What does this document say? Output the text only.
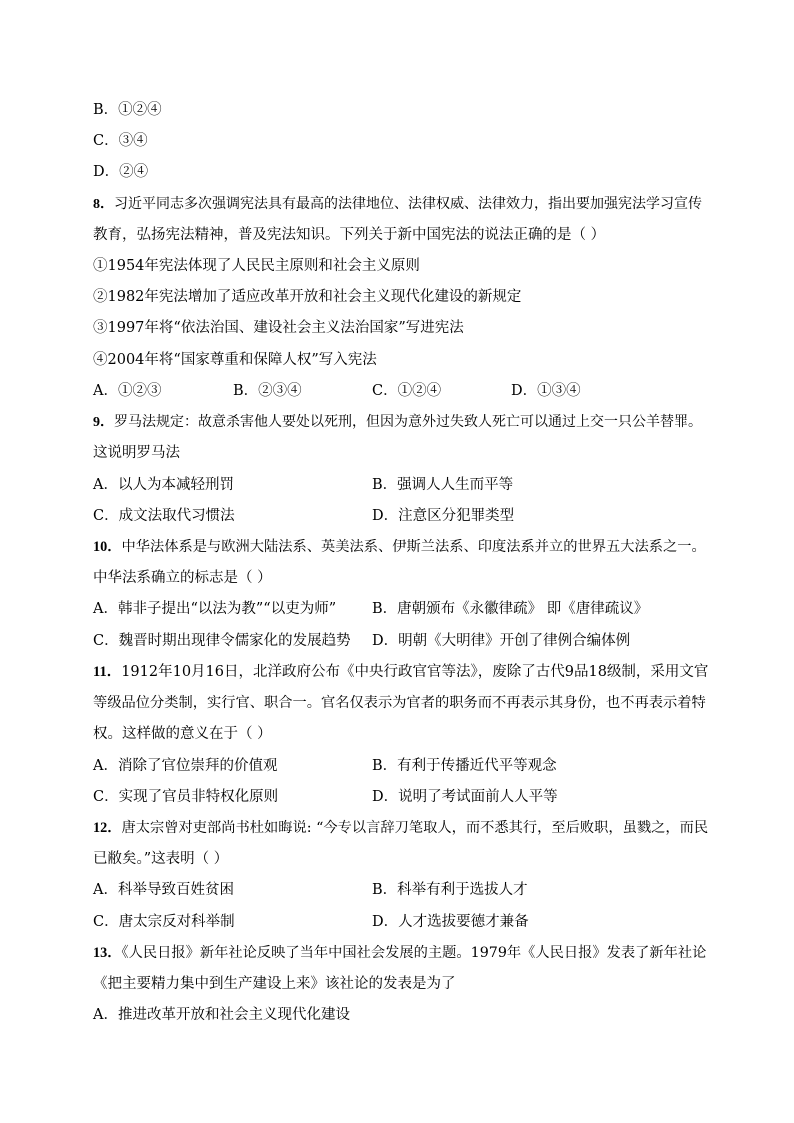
B．①②④
C．③④
D．②④
8．习近平同志多次强调宪法具有最高的法律地位、法律权威、法律效力，指出要加强宪法学习宣传
教育，弘扬宪法精神，普及宪法知识。下列关于新中国宪法的说法正确的是（ ）
①1954年宪法体现了人民民主原则和社会主义原则
②1982年宪法增加了适应改革开放和社会主义现代化建设的新规定
③1997年将“依法治国、建设社会主义法治国家”写进宪法
④2004年将“国家尊重和保障人权”写入宪法
A．①②③	B．②③④	C．①②④	D．①③④
9．罗马法规定：故意杀害他人要处以死刑，但因为意外过失致人死亡可以通过上交一只公羊替罪。
这说明罗马法
A．以人为本减轻刑罚	B．强调人人生而平等
C．成文法取代习惯法	D．注意区分犯罪类型
10．中华法体系是与欧洲大陆法系、英美法系、伊斯兰法系、印度法系并立的世界五大法系之一。
中华法系确立的标志是（ ）
A．韩非子提出“以法为教”“以吏为师” B．唐朝颁布《永徽律疏》 即《唐律疏议》
C．魏晋时期出现律令儒家化的发展趋势 D．明朝《大明律》开创了律例合编体例
11．1912年10月16日，北洋政府公布《中央行政官官等法》，废除了古代9品18级制，采用文官
等级品位分类制，实行官、职合一。官名仅表示为官者的职务而不再表示其身份，也不再表示着特
权。这样做的意义在于（ ）
A．消除了官位崇拜的价值观	B．有利于传播近代平等观念
C．实现了官员非特权化原则	D．说明了考试面前人人平等
12．唐太宗曾对吏部尚书杜如晦说: “今专以言辞刀笔取人，而不悉其行，至后败职，虽戮之，而民
已敝矣。”这表明（ ）
A．科举导致百姓贫困	B．科举有利于选拔人才
C．唐太宗反对科举制	D．人才选拔要德才兼备
13．《人民日报》新年社论反映了当年中国社会发展的主题。1979年《人民日报》发表了新年社论
《把主要精力集中到生产建设上来》该社论的发表是为了
A．推进改革开放和社会主义现代化建设
